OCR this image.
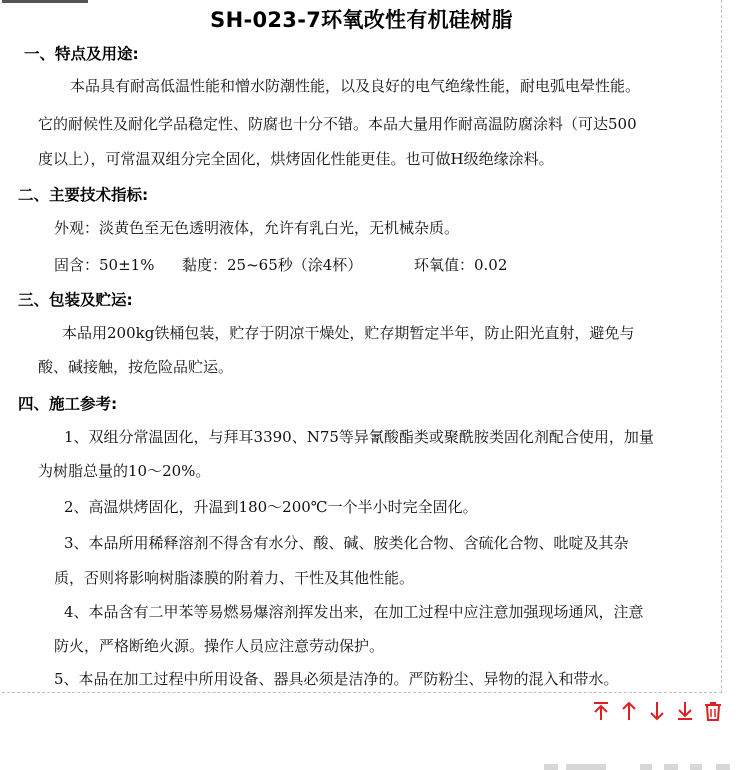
SH-023-7环氧改性有机硅树脂
一、特点及用途:
本品具有耐高低温性能和憎水防潮性能，以及良好的电气绝缘性能，耐电弧电晕性能。
它的耐候性及耐化学品稳定性、防腐也十分不错。本品大量用作耐高温防腐涂料（可达500
度以上），可常温双组分完全固化，烘烤固化性能更佳。也可做H级绝缘涂料。
二、主要技术指标:
外观：淡黄色至无色透明液体，允许有乳白光，无机械杂质。
固含：50±1% 黏度：25~65秒（涂4杯）	环氧值：0.02
三、包装及贮运:
本品用200kg铁桶包装，贮存于阴凉干燥处，贮存期暂定半年，防止阳光直射，避免与
酸、碱接触，按危险品贮运。
四、施工参考:
1、双组分常温固化，与拜耳3390、N75等异氰酸酯类或聚酰胺类固化剂配合使用，加量
为树脂总量的10～20%。
2、高温烘烤固化，升温到180～200℃一个半小时完全固化。
3、本品所用稀释溶剂不得含有水分、酸、碱、胺类化合物、含硫化合物、吡啶及其杂
质，否则将影响树脂漆膜的附着力、干性及其他性能。
4、本品含有二甲苯等易燃易爆溶剂挥发出来，在加工过程中应注意加强现场通风，注意
防火，严格断绝火源。操作人员应注意劳动保护。
5、本品在加工过程中所用设备、器具必须是洁净的。严防粉尘、异物的混入和带水。
